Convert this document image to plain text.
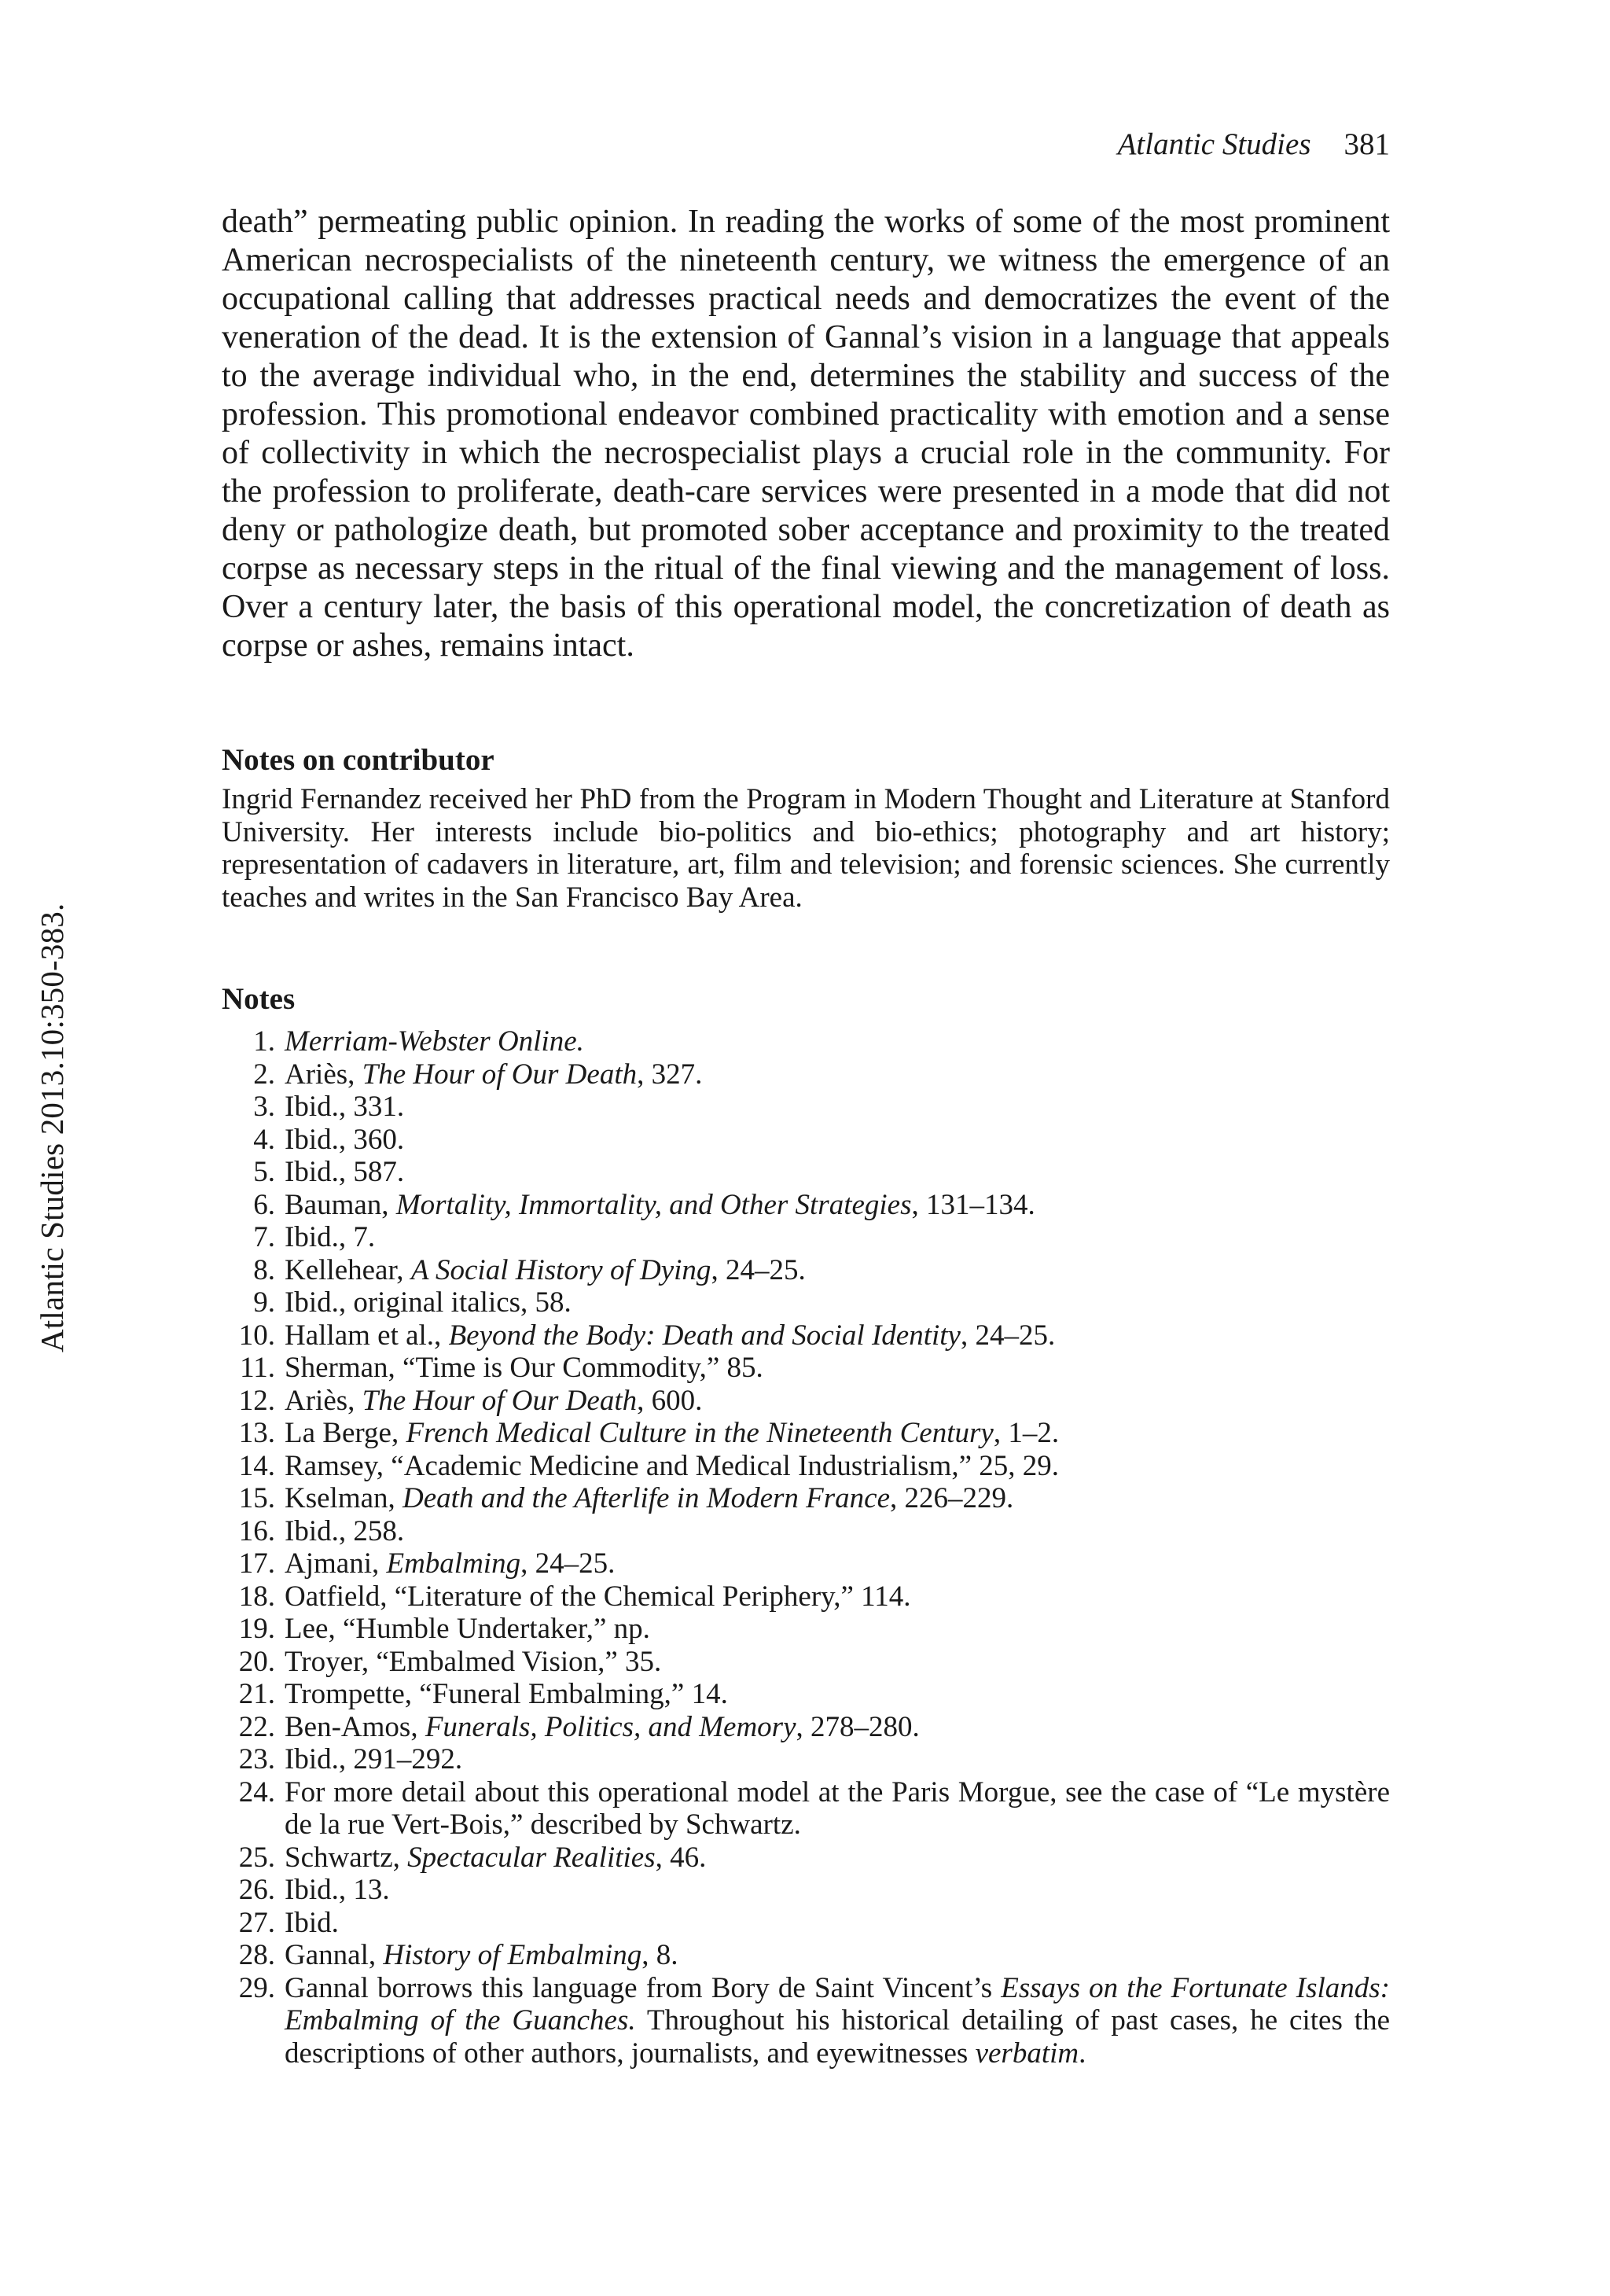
Atlantic Studies 381
Atlantic Studies 2013.10:350-383.

death” permeating public opinion. In reading the works of some of the most prominent American necrospecialists of the nineteenth century, we witness the emergence of an occupational calling that addresses practical needs and democratizes the event of the veneration of the dead. It is the extension of Gannal’s vision in a language that appeals to the average individual who, in the end, determines the stability and success of the profession. This promotional endeavor combined practicality with emotion and a sense of collectivity in which the necrospecialist plays a crucial role in the community. For the profession to proliferate, death-care services were presented in a mode that did not deny or pathologize death, but promoted sober acceptance and proximity to the treated corpse as necessary steps in the ritual of the final viewing and the management of loss. Over a century later, the basis of this operational model, the concretization of death as corpse or ashes, remains intact.

Notes on contributor

Ingrid Fernandez received her PhD from the Program in Modern Thought and Literature at Stanford University. Her interests include bio-politics and bio-ethics; photography and art history; representation of cadavers in literature, art, film and television; and forensic sciences. She currently teaches and writes in the San Francisco Bay Area.

Notes
1. Merriam-Webster Online.
2. Ariès, The Hour of Our Death, 327.
3. Ibid., 331.
4. Ibid., 360.
5. Ibid., 587.
6. Bauman, Mortality, Immortality, and Other Strategies, 131–134.
7. Ibid., 7.
8. Kellehear, A Social History of Dying, 24–25.
9. Ibid., original italics, 58.
10. Hallam et al., Beyond the Body: Death and Social Identity, 24–25.
11. Sherman, “Time is Our Commodity,” 85.
12. Ariès, The Hour of Our Death, 600.
13. La Berge, French Medical Culture in the Nineteenth Century, 1–2.
14. Ramsey, “Academic Medicine and Medical Industrialism,” 25, 29.
15. Kselman, Death and the Afterlife in Modern France, 226–229.
16. Ibid., 258.
17. Ajmani, Embalming, 24–25.
18. Oatfield, “Literature of the Chemical Periphery,” 114.
19. Lee, “Humble Undertaker,” np.
20. Troyer, “Embalmed Vision,” 35.
21. Trompette, “Funeral Embalming,” 14.
22. Ben-Amos, Funerals, Politics, and Memory, 278–280.
23. Ibid., 291–292.
24. For more detail about this operational model at the Paris Morgue, see the case of “Le mystère de la rue Vert-Bois,” described by Schwartz.
25. Schwartz, Spectacular Realities, 46.
26. Ibid., 13.
27. Ibid.
28. Gannal, History of Embalming, 8.
29. Gannal borrows this language from Bory de Saint Vincent’s Essays on the Fortunate Islands: Embalming of the Guanches. Throughout his historical detailing of past cases, he cites the descriptions of other authors, journalists, and eyewitnesses verbatim.
